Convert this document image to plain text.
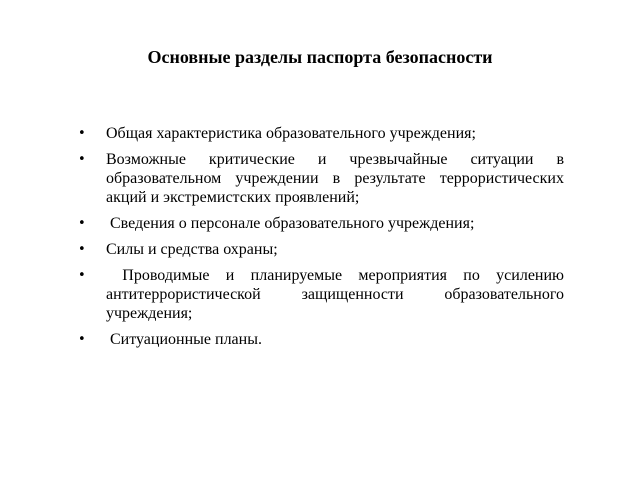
Основные разделы паспорта безопасности
• Общая характеристика образовательного учреждения;
• Возможные критические и чрезвычайные ситуации в образовательном учреждении в результате террористических акций и экстремистских проявлений;
• Сведения о персонале образовательного учреждения;
• Силы и средства охраны;
• Проводимые и планируемые мероприятия по усилению антитеррористической защищенности образовательного учреждения;
• Ситуационные планы.
